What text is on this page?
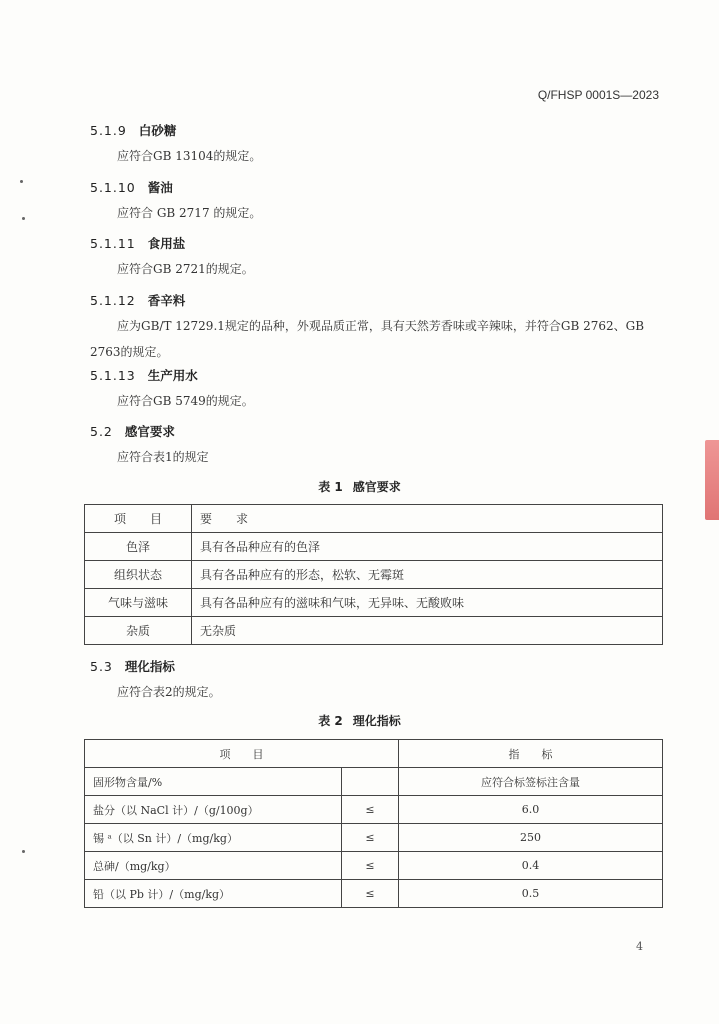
Q/FHSP 0001S—2023
5.1.9 白砂糖
应符合GB 13104的规定。
5.1.10 酱油
应符合 GB 2717 的规定。
5.1.11 食用盐
应符合GB 2721的规定。
5.1.12 香辛料
应为GB/T 12729.1规定的品种，外观品质正常，具有天然芳香味或辛辣味，并符合GB 2762、GB 2763的规定。
5.1.13 生产用水
应符合GB 5749的规定。
5.2 感官要求
应符合表1的规定
表 1 感官要求
项　　目	要　　求
色泽	具有各品种应有的色泽
组织状态	具有各品种应有的形态，松软、无霉斑
气味与滋味	具有各品种应有的滋味和气味，无异味、无酸败味
杂质	无杂质
5.3 理化指标
应符合表2的规定。
表 2 理化指标
项　　目		指　　标
固形物含量/%		应符合标签标注含量
盐分（以 NaCl 计）/（g/100g）	≤	6.0
锡 ᵃ（以 Sn 计）/（mg/kg）	≤	250
总砷/（mg/kg）	≤	0.4
铅（以 Pb 计）/（mg/kg）	≤	0.5
4
